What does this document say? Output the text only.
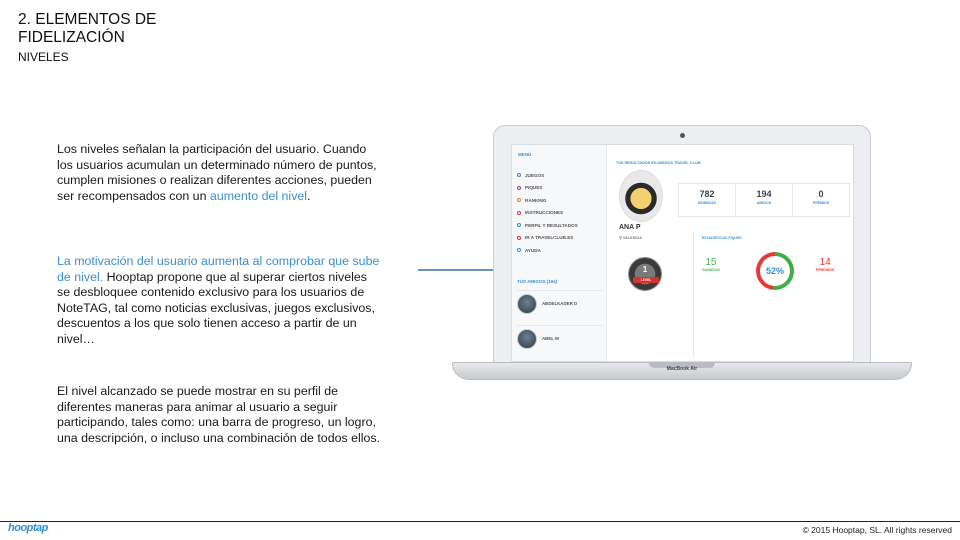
2. ELEMENTOS DE FIDELIZACIÓN
NIVELES

Los niveles señalan la participación del usuario. Cuando los usuarios acumulan un determinado número de puntos, cumplen misiones o realizan diferentes acciones, pueden ser recompensados con un aumento del nivel.

La motivación del usuario aumenta al comprobar que sube de nivel. Hooptap propone que al superar ciertos niveles se desbloquee contenido exclusivo para los usuarios de NoteTAG, tal como noticias exclusivas, juegos exclusivos, descuentos a los que solo tienen acceso a partir de un nivel…

El nivel alcanzado se puede mostrar en su perfil de diferentes maneras para animar al usuario a seguir participando, tales como: una barra de progreso, un logro, una descripción, o incluso una combinación de todos ellos.

MENÚ
JUEGOS
PIQUES
RANKING
INSTRUCCIONES
PERFIL Y RESULTADOS
IR A TRAVELCLUB.ES
AYUDA
TUS AMIGOS (194)
ABDELKADER D
ABEL M
TUS RESULTADOS EN AMIGOS TRAVEL CLUB
782
MONEDAS
194
AMIGOS
0
PREMIOS
ANA P
⚲ VALENCIA
1
LEVEL
ESTADÍSTICAS PIQUES
15
GANADOS	52%
14
PERDIDOS
MacBook Air
hooptap	© 2015 Hooptap, SL. All rights reserved
